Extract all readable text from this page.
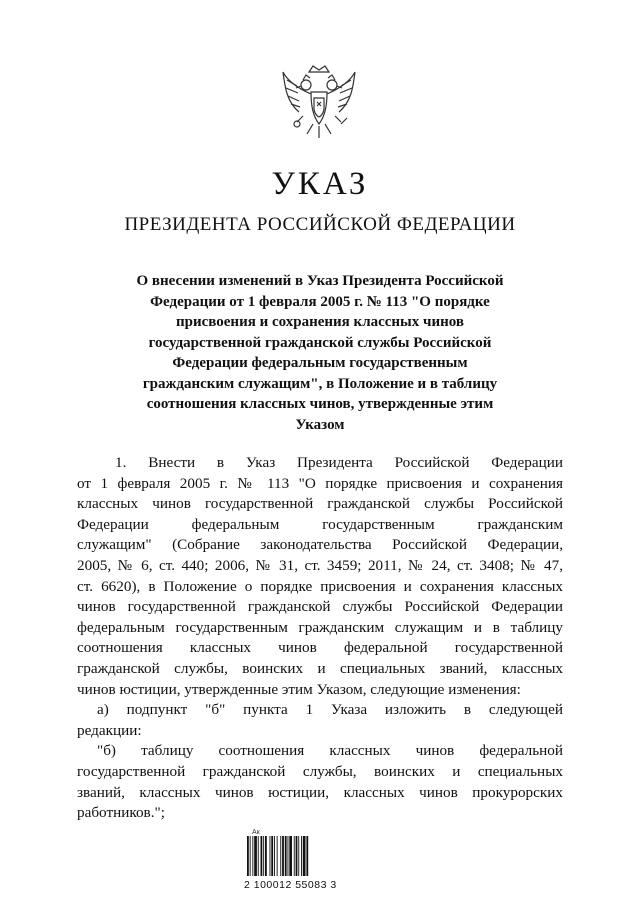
УКАЗ
ПРЕЗИДЕНТА РОССИЙСКОЙ ФЕДЕРАЦИИ
О внесении изменений в Указ Президента Российской
Федерации от 1 февраля 2005 г. № 113 "О порядке
присвоения и сохранения классных чинов
государственной гражданской службы Российской
Федерации федеральным государственным
гражданским служащим", в Положение и в таблицу
соотношения классных чинов, утвержденные этим
Указом
1. Внести в Указ Президента Российской Федерации
от 1 февраля 2005 г. № 113 "О порядке присвоения и сохранения
классных чинов государственной гражданской службы Российской
Федерации федеральным государственным гражданским
служащим" (Собрание законодательства Российской Федерации,
2005, № 6, ст. 440; 2006, № 31, ст. 3459; 2011, № 24, ст. 3408; № 47,
ст. 6620), в Положение о порядке присвоения и сохранения классных
чинов государственной гражданской службы Российской Федерации
федеральным государственным гражданским служащим и в таблицу
соотношения классных чинов федеральной государственной
гражданской службы, воинских и специальных званий, классных
чинов юстиции, утвержденные этим Указом, следующие изменения:
а) подпункт "б" пункта 1 Указа изложить в следующей
редакции:
"б) таблицу соотношения классных чинов федеральной
государственной гражданской службы, воинских и специальных
званий, классных чинов юстиции, классных чинов прокурорских
работников.";
Ак
2 100012 55083 3
